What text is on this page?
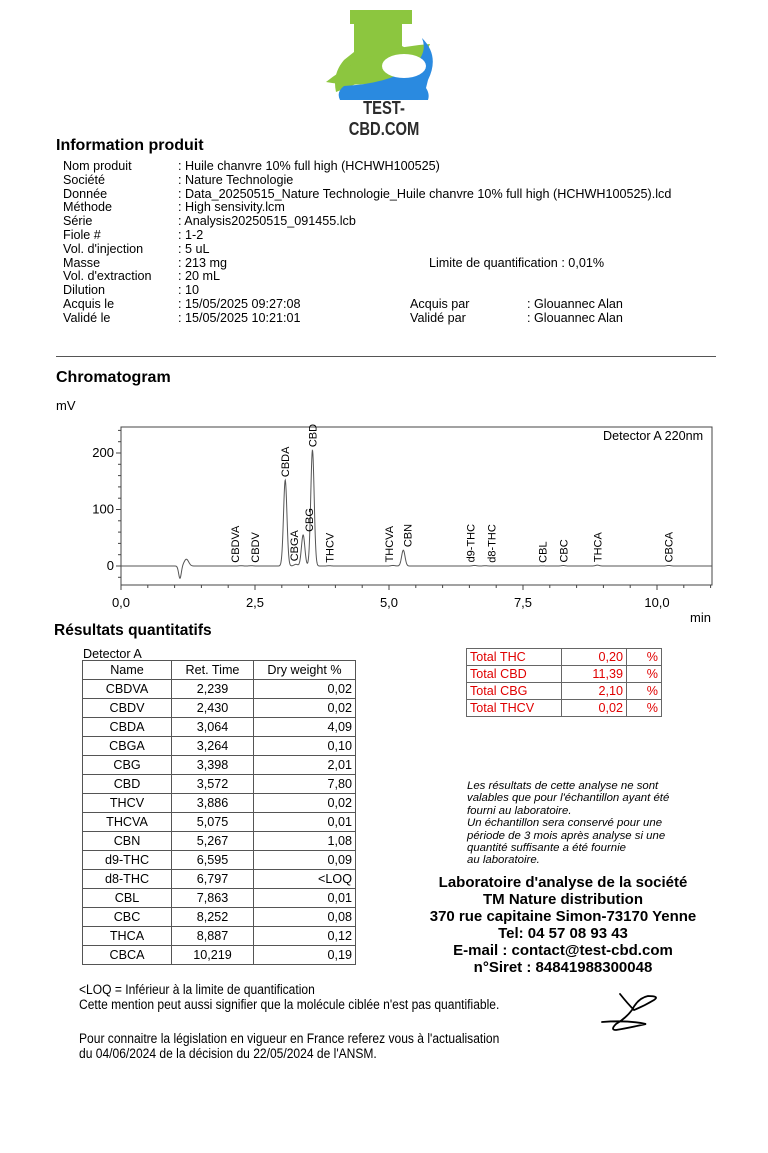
TEST-CBD.COM
Information produit
Nom produit	: Huile chanvre 10% full high (HCHWH100525)
Société	: Nature Technologie
Donnée	: Data_20250515_Nature Technologie_Huile chanvre 10% full high (HCHWH100525).lcd
Méthode	: High sensivity.lcm
Série	: Analysis20250515_091455.lcb
Fiole #	: 1-2
Vol. d'injection	: 5 uL
Masse	: 213 mg
Vol. d'extraction	: 20 mL
Dilution	: 10
Acquis le	: 15/05/2025 09:27:08
Validé le	: 15/05/2025 10:21:01
Limite de quantification : 0,01%
Acquis par	: Glouannec Alan
Validé par	: Glouannec Alan
Chromatogram
mV
0
100
200
0,0	2,5	5,0	7,5	10,0
CBDVA CBDV
CBDA
CBGA
CBG
CBD
THCV	THCVA CBN	d9-THC d8-THC	CBL CBC THCA	CBCA
Detector A 220nm
min
Résultats quantitatifs
Detector A
Name	Ret. Time	Dry weight %
CBDVA	2,239	0,02
CBDV	2,430	0,02
CBDA	3,064	4,09
CBGA	3,264	0,10
CBG	3,398	2,01
CBD	3,572	7,80
THCV	3,886	0,02
THCVA	5,075	0,01
CBN	5,267	1,08
d9-THC	6,595	0,09
d8-THC	6,797	<LOQ
CBL	7,863	0,01
CBC	8,252	0,08
THCA	8,887	0,12
CBCA	10,219	0,19
Total THC	0,20	%
Total CBD	11,39	%
Total CBG	2,10	%
Total THCV	0,02	%
Les résultats de cette analyse ne sont
valables que pour l'échantillon ayant été
fourni au laboratoire.
Un échantillon sera conservé pour une
période de 3 mois après analyse si une
quantité suffisante a été fournie
au laboratoire.
Laboratoire d'analyse de la société
TM Nature distribution
370 rue capitaine Simon-73170 Yenne
Tel: 04 57 08 93 43
E-mail : contact@test-cbd.com
n°Siret : 84841988300048
<LOQ = Inférieur à la limite de quantification
Cette mention peut aussi signifier que la molécule ciblée n'est pas quantifiable.
Pour connaitre la législation en vigueur en France referez vous à l'actualisation
du 04/06/2024 de la décision du 22/05/2024 de l'ANSM.
